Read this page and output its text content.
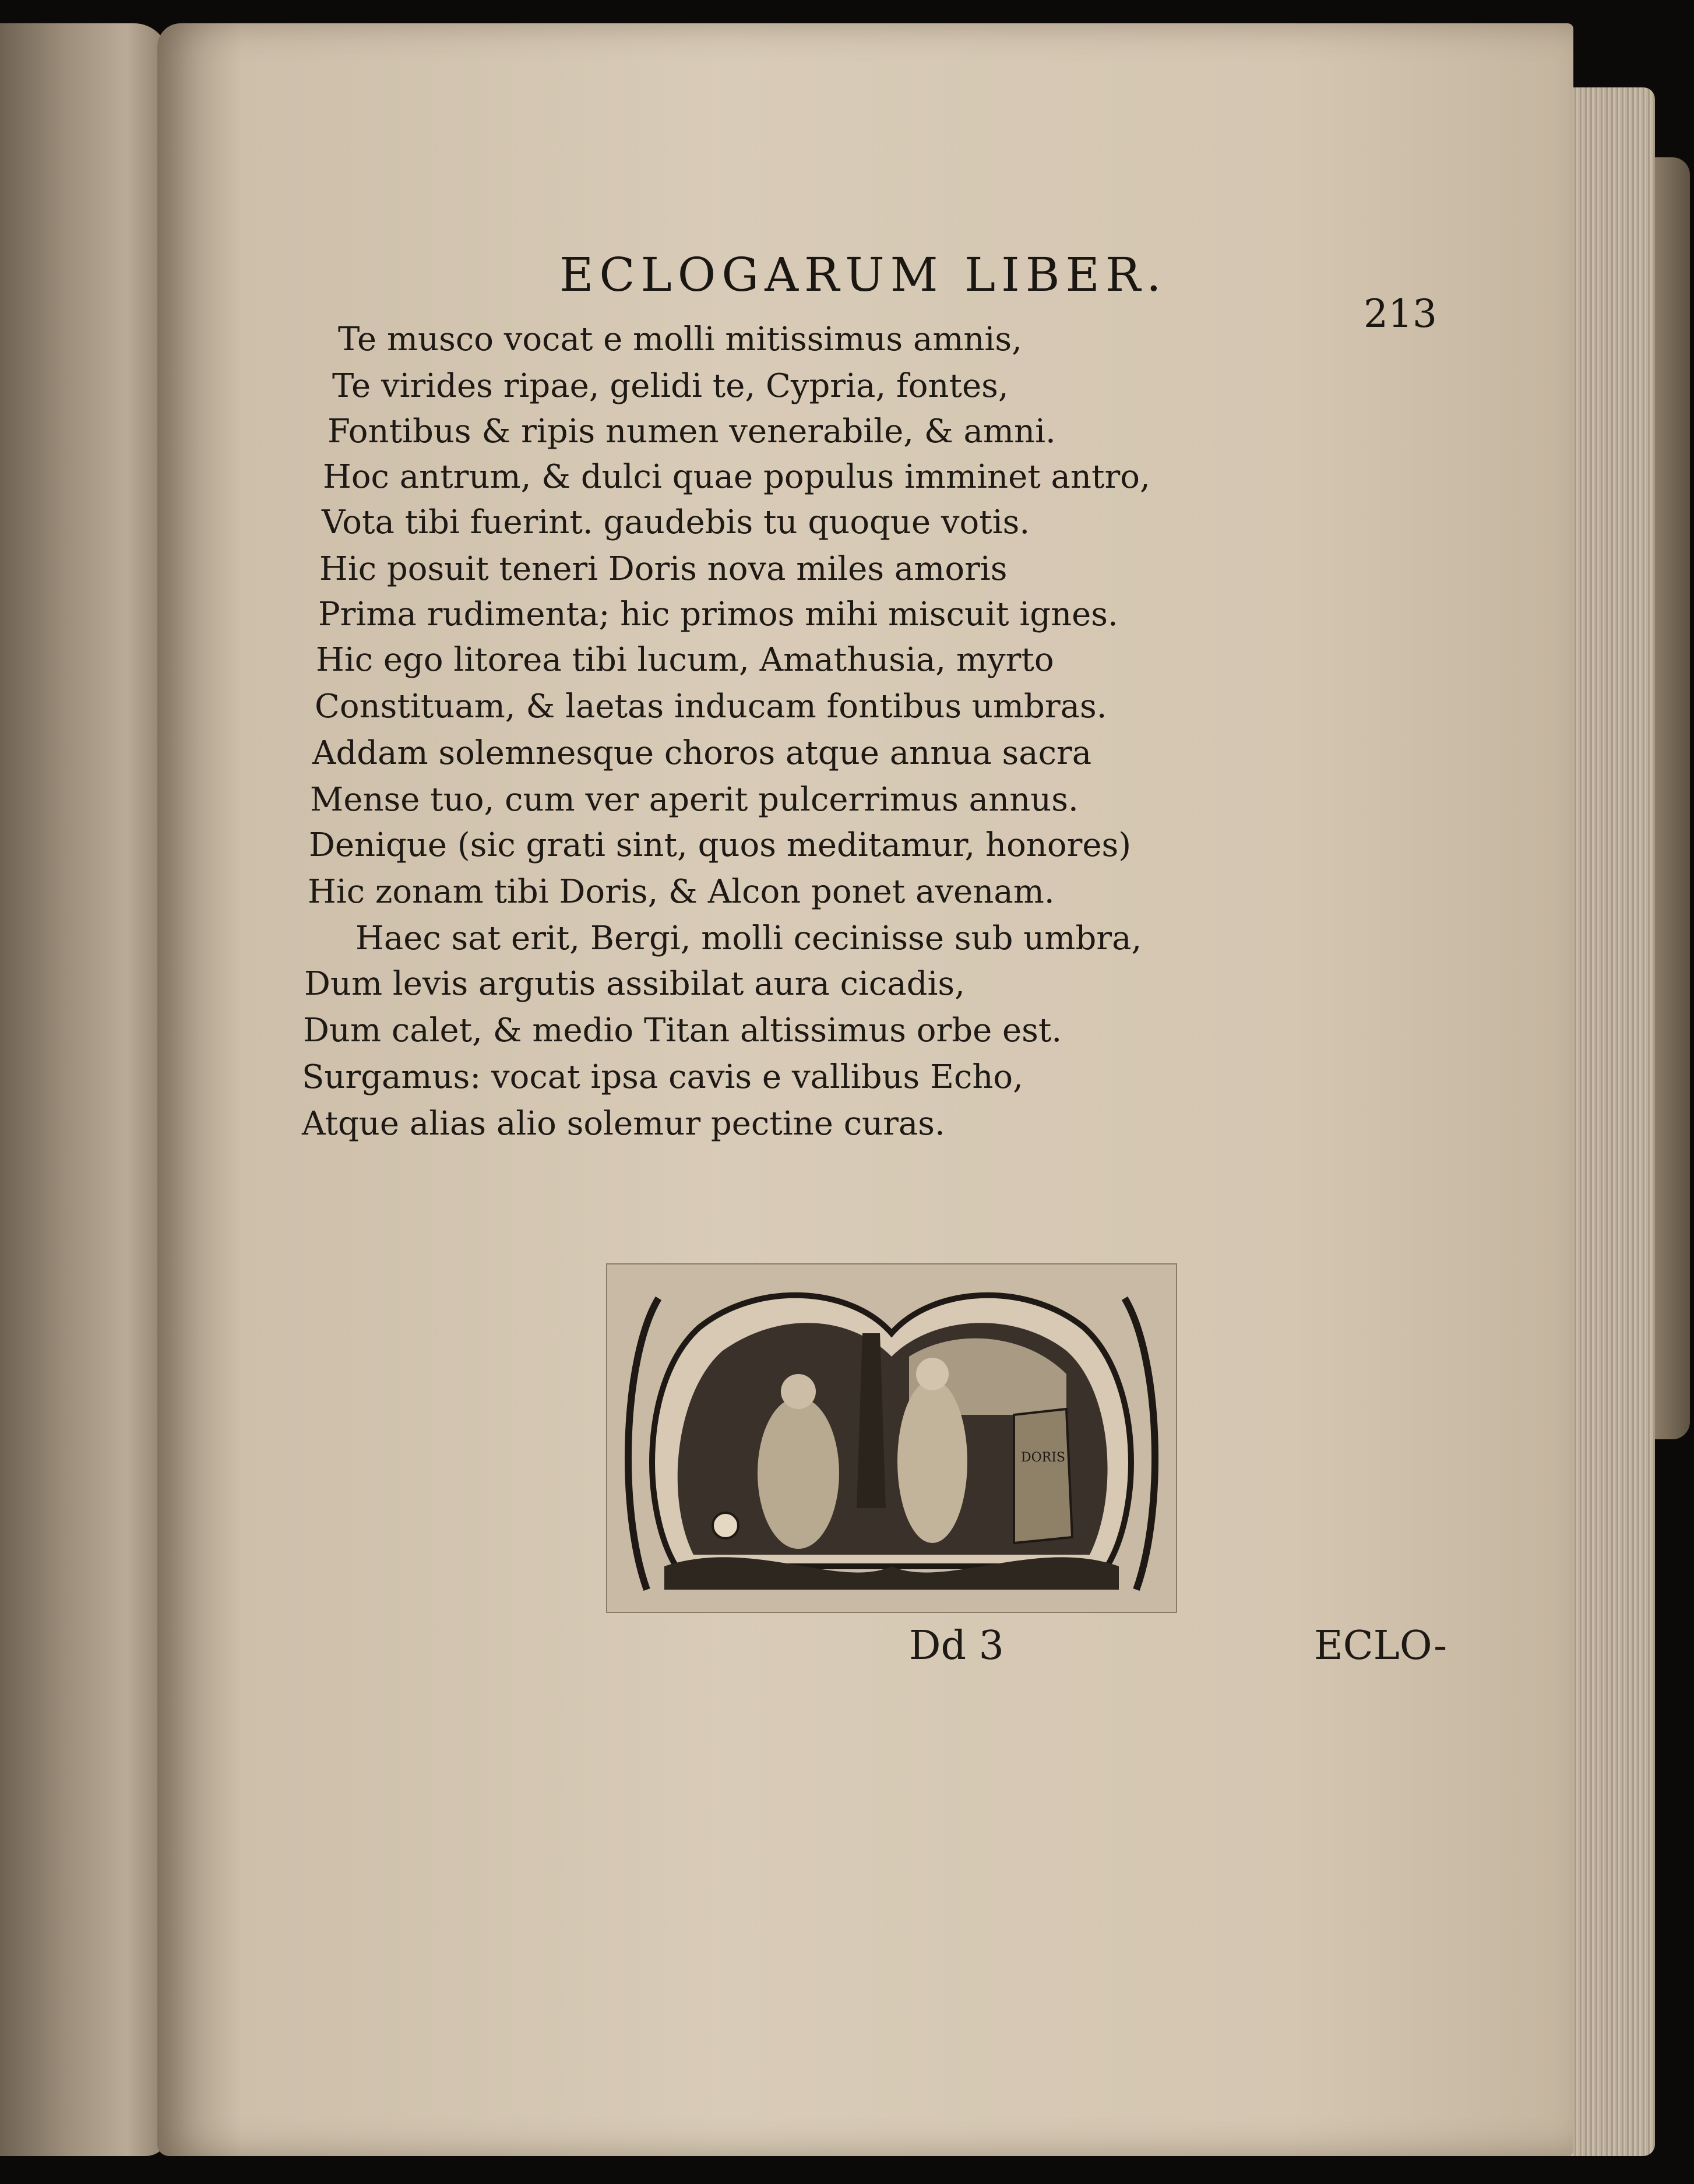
ECLOGARUM LIBER.
213
Te musco vocat e molli mitissimus amnis,
Te virides ripae, gelidi te, Cypria, fontes,
Fontibus & ripis numen venerabile, & amni.
Hoc antrum, & dulci quae populus imminet antro,
Vota tibi fuerint. gaudebis tu quoque votis.
Hic posuit teneri Doris nova miles amoris
Prima rudimenta; hic primos mihi miscuit ignes.
Hic ego litorea tibi lucum, Amathusia, myrto
Constituam, & laetas inducam fontibus umbras.
Addam solemnesque choros atque annua sacra
Mense tuo, cum ver aperit pulcerrimus annus.
Denique (sic grati sint, quos meditamur, honores)
Hic zonam tibi Doris, & Alcon ponet avenam.
Haec sat erit, Bergi, molli cecinisse sub umbra,
Dum levis argutis assibilat aura cicadis,
Dum calet, & medio Titan altissimus orbe est.
Surgamus: vocat ipsa cavis e vallibus Echo,
Atque alias alio solemur pectine curas.
DORIS
Dd 3	ECLO-
